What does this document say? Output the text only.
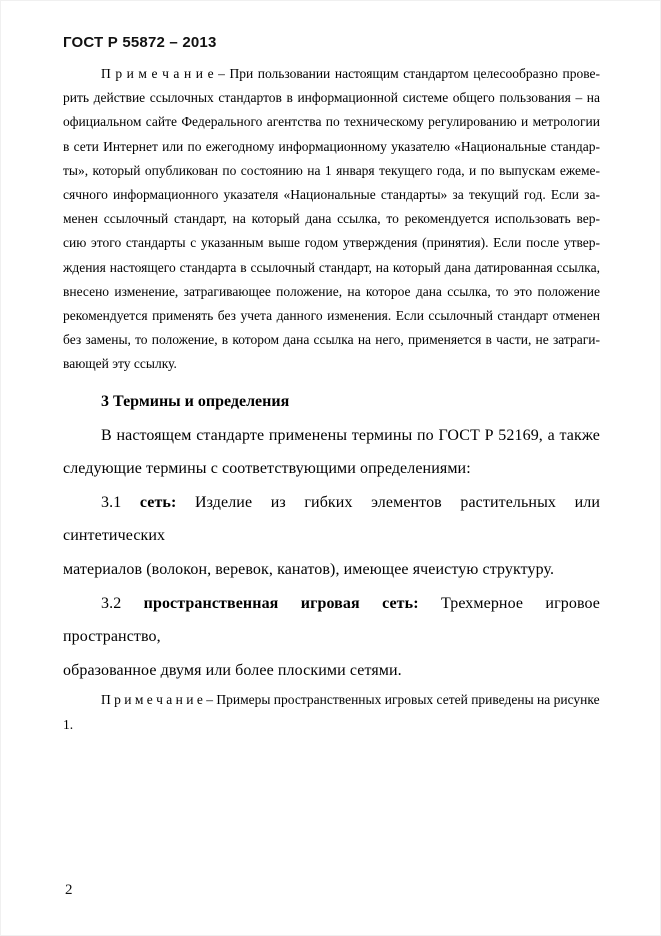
ГОСТ Р 55872 – 2013
П р и м е ч а н и е – При пользовании настоящим стандартом целесообразно прове-
рить действие ссылочных стандартов в информационной системе общего пользования – на
официальном сайте Федерального агентства по техническому регулированию и метрологии
в сети Интернет или по ежегодному информационному указателю «Национальные стандар-
ты», который опубликован по состоянию на 1 января текущего года, и по выпускам ежеме-
сячного информационного указателя «Национальные стандарты» за текущий год. Если за-
менен ссылочный стандарт, на который дана ссылка, то рекомендуется использовать вер-
сию этого стандарты с указанным выше годом утверждения (принятия). Если после утвер-
ждения настоящего стандарта в ссылочный стандарт, на который дана датированная ссылка,
внесено изменение, затрагивающее положение, на которое дана ссылка, то это положение
рекомендуется применять без учета данного изменения. Если ссылочный стандарт отменен
без замены, то положение, в котором дана ссылка на него, применяется в части, не затраги-
вающей эту ссылку.
3 Термины и определения
В настоящем стандарте применены термины по ГОСТ Р 52169, а также
следующие термины с соответствующими определениями:
3.1 сеть: Изделие из гибких элементов растительных или синтетических
материалов (волокон, веревок, канатов), имеющее ячеистую структуру.
3.2 пространственная игровая сеть: Трехмерное игровое пространство,
образованное двумя или более плоскими сетями.
П р и м е ч а н и е – Примеры пространственных игровых сетей приведены на рисунке 1.
2
